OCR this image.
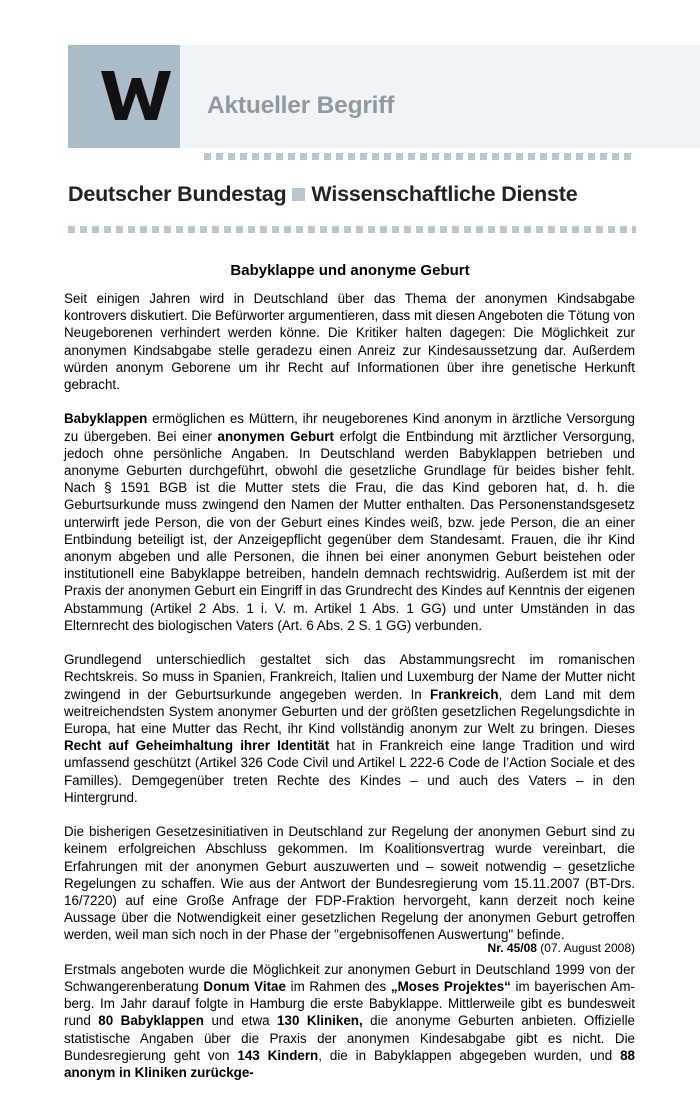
Aktueller Begriff
Deutscher Bundestag Wissenschaftliche Dienste
Babyklappe und anonyme Geburt

Seit einigen Jahren wird in Deutschland über das Thema der anonymen Kindsabgabe kontrovers diskutiert. Die Befürworter argumentieren, dass mit diesen Angeboten die Tötung von Neugeborenen verhindert werden könne. Die Kritiker halten dagegen: Die Möglichkeit zur anonymen Kindsabgabe stelle geradezu einen Anreiz zur Kindesaussetzung dar. Außerdem würden anonym Geborene um ihr Recht auf Informationen über ihre genetische Herkunft gebracht.

Babyklappen ermöglichen es Müttern, ihr neugeborenes Kind anonym in ärztliche Versorgung zu übergeben. Bei einer anonymen Geburt erfolgt die Entbindung mit ärztlicher Versorgung, jedoch ohne persönliche Angaben. In Deutschland werden Babyklappen betrieben und anonyme Geburten durchgeführt, obwohl die gesetzliche Grundlage für beides bisher fehlt. Nach § 1591 BGB ist die Mutter stets die Frau, die das Kind geboren hat, d. h. die Geburtsurkunde muss zwingend den Namen der Mutter enthalten. Das Personenstandsgesetz unterwirft jede Person, die von der Geburt eines Kindes weiß, bzw. jede Person, die an einer Entbindung beteiligt ist, der Anzeigepflicht gegenüber dem Standesamt. Frauen, die ihr Kind anonym abgeben und alle Personen, die ihnen bei einer anonymen Geburt beistehen oder institutionell eine Babyklappe betreiben, handeln demnach rechtswidrig. Außerdem ist mit der Praxis der anonymen Geburt ein Eingriff in das Grundrecht des Kindes auf Kenntnis der eigenen Abstammung (Artikel 2 Abs. 1 i. V. m. Artikel 1 Abs. 1 GG) und unter Umständen in das Elternrecht des biologischen Vaters (Art. 6 Abs. 2 S. 1 GG) verbunden.

Grundlegend unterschiedlich gestaltet sich das Abstammungsrecht im romanischen Rechtskreis. So muss in Spanien, Frankreich, Italien und Luxemburg der Name der Mutter nicht zwingend in der Geburtsurkunde angegeben werden. In Frankreich, dem Land mit dem weitreichendsten System anonymer Geburten und der größten gesetzlichen Regelungsdichte in Europa, hat eine Mutter das Recht, ihr Kind vollständig anonym zur Welt zu bringen. Dieses Recht auf Geheimhaltung ihrer Identität hat in Frankreich eine lange Tradition und wird umfassend geschützt (Artikel 326 Code Civil und Artikel L 222-6 Code de l’Action Sociale et des Familles). Demgegenüber treten Rechte des Kindes – und auch des Vaters – in den Hintergrund.

Die bisherigen Gesetzesinitiativen in Deutschland zur Regelung der anonymen Geburt sind zu keinem erfolgreichen Abschluss gekommen. Im Koalitionsvertrag wurde vereinbart, die Erfahrungen mit der anonymen Geburt auszuwerten und – soweit notwendig – gesetzliche Regelungen zu schaffen. Wie aus der Antwort der Bundesregierung vom 15.11.2007 (BT-Drs. 16/7220) auf eine Große Anfrage der FDP-Fraktion hervorgeht, kann derzeit noch keine Aussage über die Notwendigkeit einer gesetzlichen Regelung der anonymen Geburt getroffen werden, weil man sich noch in der Phase der "ergebnisoffenen Auswertung" befinde.

Erstmals angeboten wurde die Möglichkeit zur anonymen Geburt in Deutschland 1999 von der Schwangerenberatung Donum Vitae im Rahmen des „Moses Projektes“ im bayerischen Amberg. Im Jahr darauf folgte in Hamburg die erste Babyklappe. Mittlerweile gibt es bundesweit rund 80 Babyklappen und etwa 130 Kliniken, die anonyme Geburten anbieten. Offizielle statistische Angaben über die Praxis der anonymen Kindesabgabe gibt es nicht. Die Bundesregierung geht von 143 Kindern, die in Babyklappen abgegeben wurden, und 88 anonym in Kliniken zurückge-

Nr. 45/08 (07. August 2008)
